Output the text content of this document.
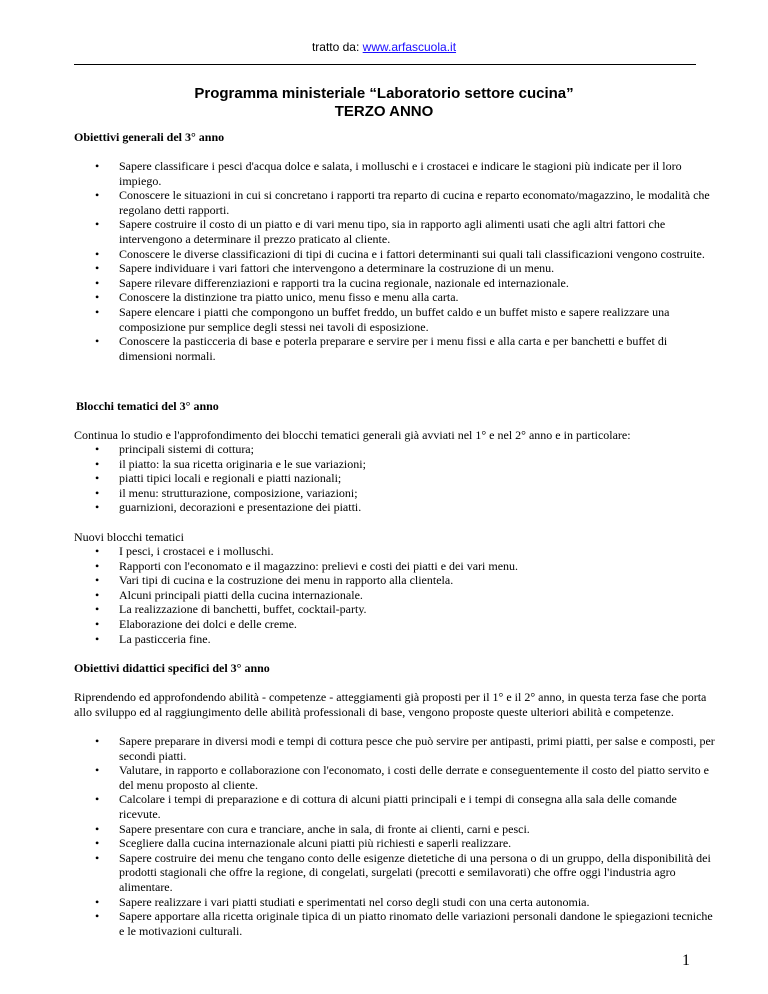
tratto da: www.arfascuola.it
Programma ministeriale “Laboratorio settore cucina”
TERZO ANNO
Obiettivi generali del 3° anno
•	Sapere classificare i pesci d'acqua dolce e salata, i molluschi e i crostacei e indicare le stagioni più indicate per il loro impiego.
•	Conoscere le situazioni in cui si concretano i rapporti tra reparto di cucina e reparto economato/magazzino, le modalità che regolano detti rapporti.
•	Sapere costruire il costo di un piatto e di vari menu tipo, sia in rapporto agli alimenti usati che agli altri fattori che intervengono a determinare il prezzo praticato al cliente.
•	Conoscere le diverse classificazioni di tipi di cucina e i fattori determinanti sui quali tali classificazioni vengono costruite.
•	Sapere individuare i vari fattori che intervengono a determinare la costruzione di un menu.
•	Sapere rilevare differenziazioni e rapporti tra la cucina regionale, nazionale ed internazionale.
•	Conoscere la distinzione tra piatto unico, menu fisso e menu alla carta.
•	Sapere elencare i piatti che compongono un buffet freddo, un buffet caldo e un buffet misto e sapere realizzare una composizione pur semplice degli stessi nei tavoli di esposizione.
•	Conoscere la pasticceria di base e poterla preparare e servire per i menu fissi e alla carta e per banchetti e buffet di dimensioni normali.
Blocchi tematici del 3° anno

Continua lo studio e l'approfondimento dei blocchi tematici generali già avviati nel 1° e nel 2° anno e in particolare:

•	principali sistemi di cottura;
•	il piatto: la sua ricetta originaria e le sue variazioni;
•	piatti tipici locali e regionali e piatti nazionali;
•	il menu: strutturazione, composizione, variazioni;
•	guarnizioni, decorazioni e presentazione dei piatti.

Nuovi blocchi tematici

•	I pesci, i crostacei e i molluschi.
•	Rapporti con l'economato e il magazzino: prelievi e costi dei piatti e dei vari menu.
•	Vari tipi di cucina e la costruzione dei menu in rapporto alla clientela.
•	Alcuni principali piatti della cucina internazionale.
•	La realizzazione di banchetti, buffet, cocktail-party.
•	Elaborazione dei dolci e delle creme.
•	La pasticceria fine.
Obiettivi didattici specifici del 3° anno

Riprendendo ed approfondendo abilità - competenze - atteggiamenti già proposti per il 1° e il 2° anno, in questa terza fase che porta allo sviluppo ed al raggiungimento delle abilità professionali di base, vengono proposte queste ulteriori abilità e competenze.

•	Sapere preparare in diversi modi e tempi di cottura pesce che può servire per antipasti, primi piatti, per salse e composti, per secondi piatti.
•	Valutare, in rapporto e collaborazione con l'economato, i costi delle derrate e conseguentemente il costo del piatto servito e del menu proposto al cliente.
•	Calcolare i tempi di preparazione e di cottura di alcuni piatti principali e i tempi di consegna alla sala delle comande ricevute.
•	Sapere presentare con cura e tranciare, anche in sala, di fronte ai clienti, carni e pesci.
•	Scegliere dalla cucina internazionale alcuni piatti più richiesti e saperli realizzare.
•	Sapere costruire dei menu che tengano conto delle esigenze dietetiche di una persona o di un gruppo, della disponibilità dei prodotti stagionali che offre la regione, di congelati, surgelati (precotti e semilavorati) che offre oggi l'industria agro alimentare.
•	Sapere realizzare i vari piatti studiati e sperimentati nel corso degli studi con una certa autonomia.
•	Sapere apportare alla ricetta originale tipica di un piatto rinomato delle variazioni personali dandone le spiegazioni tecniche e le motivazioni culturali.
1
